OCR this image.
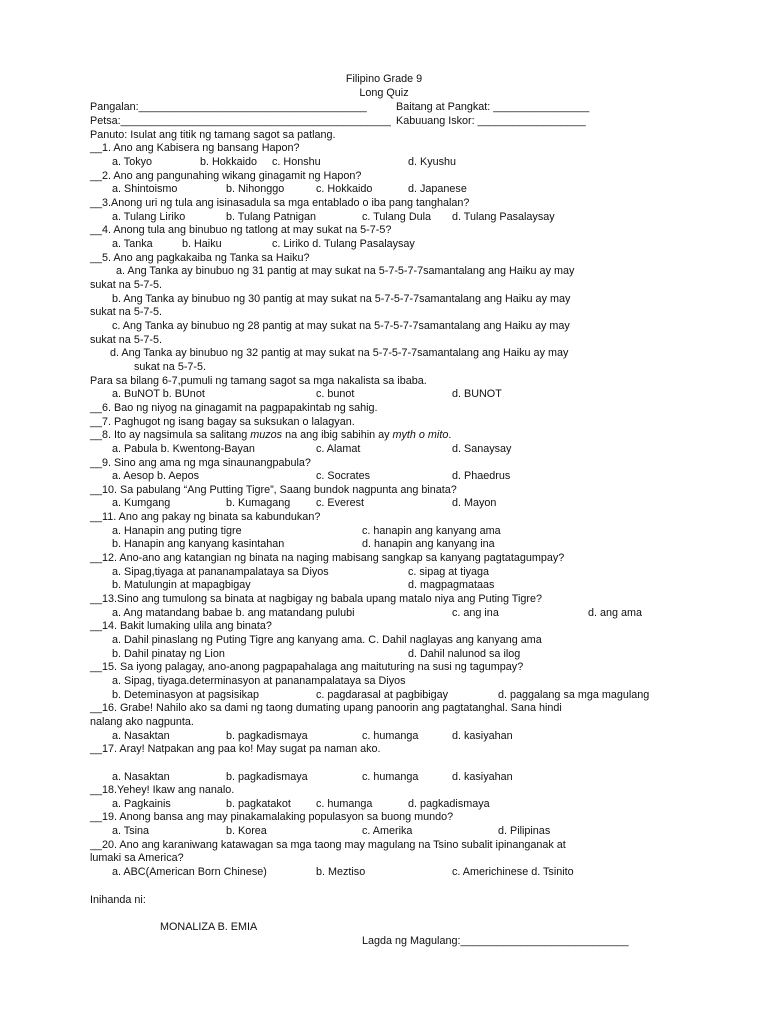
Filipino Grade 9
Long Quiz
Pangalan:______________________________________	Baitang at Pangkat: ________________
Petsa:_____________________________________________ Kabuuang Iskor: __________________
Panuto: Isulat ang titik ng tamang sagot sa patlang.
__1. Ano ang Kabisera ng bansang Hapon?
a. Tokyo	b. Hokkaido c. Honshu	d. Kyushu
__2. Ano ang pangunahing wikang ginagamit ng Hapon?
a. Shintoismo	b. Nihonggo	c. Hokkaido	d. Japanese
__3.Anong uri ng tula ang isinasadula sa mga entablado o iba pang tanghalan?
a. Tulang Liriko	b. Tulang Patnigan	c. Tulang Dula d. Tulang Pasalaysay
__4. Anong tula ang binubuo ng tatlong at may sukat na 5-7-5?
a. Tanka	b. Haiku	c. Liriko d. Tulang Pasalaysay
__5. Ano ang pagkakaiba ng Tanka sa Haiku?
a. Ang Tanka ay binubuo ng 31 pantig at may sukat na 5-7-5-7-7samantalang ang Haiku ay may
sukat na 5-7-5.
b. Ang Tanka ay binubuo ng 30 pantig at may sukat na 5-7-5-7-7samantalang ang Haiku ay may
sukat na 5-7-5.
c. Ang Tanka ay binubuo ng 28 pantig at may sukat na 5-7-5-7-7samantalang ang Haiku ay may
sukat na 5-7-5.
d. Ang Tanka ay binubuo ng 32 pantig at may sukat na 5-7-5-7-7samantalang ang Haiku ay may
sukat na 5-7-5.
Para sa bilang 6-7,pumuli ng tamang sagot sa mga nakalista sa ibaba.
a. BuNOT b. BUnot	c. bunot	d. BUNOT
__6. Bao ng niyog na ginagamit na pagpapakintab ng sahig.
__7. Paghugot ng isang bagay sa suksukan o lalagyan.
__8. Ito ay nagsimula sa salitang muzos na ang ibig sabihin ay myth o mito.
a. Pabula b. Kwentong-Bayan	c. Alamat	d. Sanaysay
__9. Sino ang ama ng mga sinaunangpabula?
a. Aesop b. Aepos	c. Socrates	d. Phaedrus
__10. Sa pabulang “Ang Putting Tigre”, Saang bundok nagpunta ang binata?
a. Kumgang	b. Kumagang c. Everest	d. Mayon
__11. Ano ang pakay ng binata sa kabundukan?
a. Hanapin ang puting tigre	c. hanapin ang kanyang ama
b. Hanapin ang kanyang kasintahan	d. hanapin ang kanyang ina
__12. Ano-ano ang katangian ng binata na naging mabisang sangkap sa kanyang pagtatagumpay?
a. Sipag,tiyaga at pananampalataya sa Diyos	c. sipag at tiyaga
b. Matulungin at mapagbigay	d. magpagmataas
__13.Sino ang tumulong sa binata at nagbigay ng babala upang matalo niya ang Puting Tigre?
a. Ang matandang babae b. ang matandang pulubi	c. ang ina	d. ang ama
__14. Bakit lumaking ulila ang binata?
a. Dahil pinaslang ng Puting Tigre ang kanyang ama. C. Dahil naglayas ang kanyang ama
b. Dahil pinatay ng Lion	d. Dahil nalunod sa ilog
__15. Sa iyong palagay, ano-anong pagpapahalaga ang maituturing na susi ng tagumpay?
a. Sipag, tiyaga.determinasyon at pananampalataya sa Diyos
b. Deteminasyon at pagsisikap	c. pagdarasal at pagbibigay	d. paggalang sa mga magulang
__16. Grabe! Nahilo ako sa dami ng taong dumating upang panoorin ang pagtatanghal. Sana hindi
nalang ako nagpunta.
a. Nasaktan	b. pagkadismaya	c. humanga	d. kasiyahan
__17. Aray! Natpakan ang paa ko! May sugat pa naman ako.
a. Nasaktan	b. pagkadismaya	c. humanga	d. kasiyahan
__18.Yehey! Ikaw ang nanalo.
a. Pagkainis	b. pagkatakot c. humanga	d. pagkadismaya
__19. Anong bansa ang may pinakamalaking populasyon sa buong mundo?
a. Tsina	b. Korea	c. Amerika	d. Pilipinas
__20. Ano ang karaniwang katawagan sa mga taong may magulang na Tsino subalit ipinanganak at
lumaki sa America?
a. ABC(American Born Chinese)	b. Meztiso	c. Americhinese d. Tsinito
Inihanda ni:
MONALIZA B. EMIA
Lagda ng Magulang:____________________________
